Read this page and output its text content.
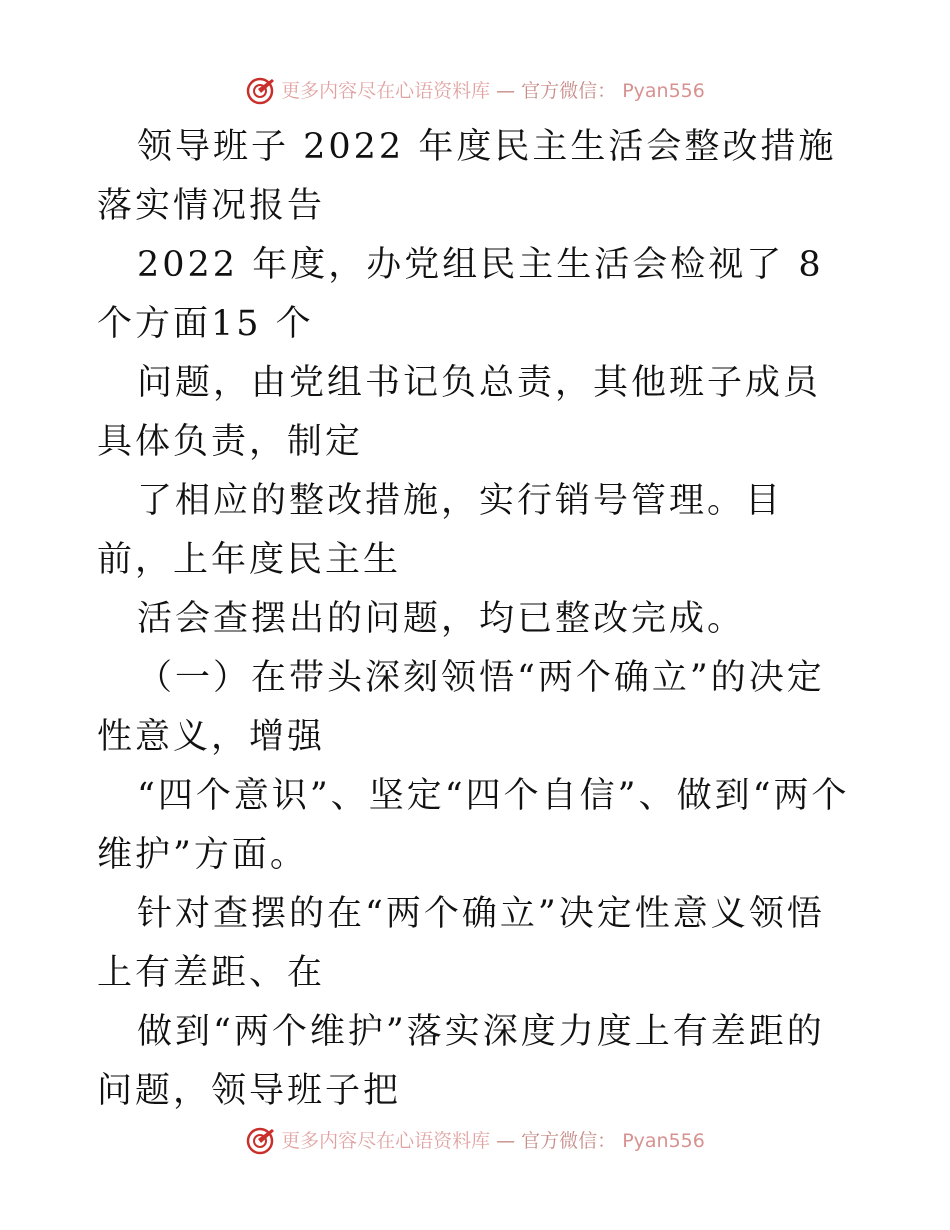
更多内容尽在心语资料库 — 官方微信： Pyan556

领导班子 2022 年度民主生活会整改措施落实情况报告

2022 年度，办党组民主生活会检视了 8个方面15 个

问题，由党组书记负总责，其他班子成员具体负责，制定

了相应的整改措施，实行销号管理。目前，上年度民主生

活会查摆出的问题，均已整改完成。

（一）在带头深刻领悟“两个确立”的决定性意义，增强

“四个意识”、坚定“四个自信”、做到“两个维护”方面。

针对查摆的在“两个确立”决定性意义领悟上有差距、在

做到“两个维护”落实深度力度上有差距的问题，领导班子把

更多内容尽在心语资料库 — 官方微信： Pyan556
